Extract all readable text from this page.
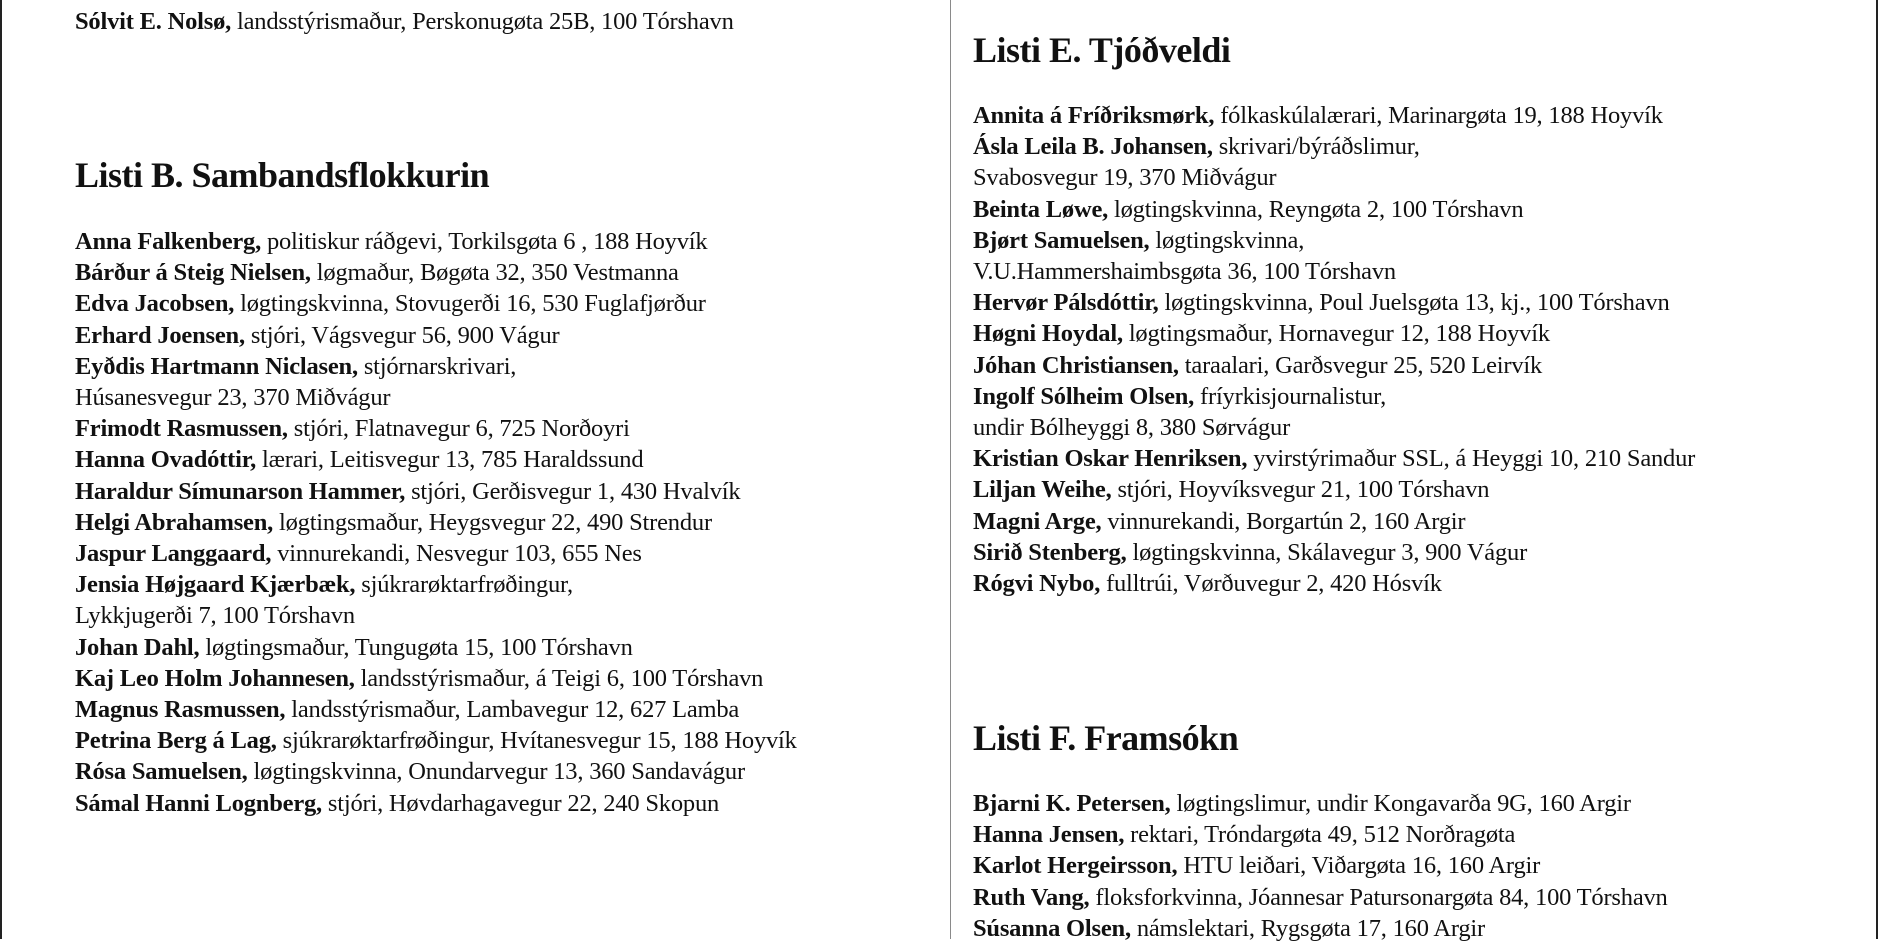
Sólvit E. Nolsø, landsstýrismaður, Perskonugøta 25B, 100 Tórshavn
Listi B. Sambandsflokkurin
Anna Falkenberg, politiskur ráðgevi, Torkilsgøta 6 , 188 Hoyvík
Bárður á Steig Nielsen, løgmaður, Bøgøta 32, 350 Vestmanna
Edva Jacobsen, løgtingskvinna, Stovugerði 16, 530 Fuglafjørður
Erhard Joensen, stjóri, Vágsvegur 56, 900 Vágur
Eyðdis Hartmann Niclasen, stjórnarskrivari,
Húsanesvegur 23, 370 Miðvágur
Frimodt Rasmussen, stjóri, Flatnavegur 6, 725 Norðoyri
Hanna Ovadóttir, lærari, Leitisvegur 13, 785 Haraldssund
Haraldur Símunarson Hammer, stjóri, Gerðisvegur 1, 430 Hvalvík
Helgi Abrahamsen, løgtingsmaður, Heygsvegur 22, 490 Strendur
Jaspur Langgaard, vinnurekandi, Nesvegur 103, 655 Nes
Jensia Højgaard Kjærbæk, sjúkrarøktarfrøðingur,
Lykkjugerði 7, 100 Tórshavn
Johan Dahl, løgtingsmaður, Tungugøta 15, 100 Tórshavn
Kaj Leo Holm Johannesen, landsstýrismaður, á Teigi 6, 100 Tórshavn
Magnus Rasmussen, landsstýrismaður, Lambavegur 12, 627 Lamba
Petrina Berg á Lag, sjúkrarøktarfrøðingur, Hvítanesvegur 15, 188 Hoyvík
Rósa Samuelsen, løgtingskvinna, Onundarvegur 13, 360 Sandavágur
Sámal Hanni Lognberg, stjóri, Høvdarhagavegur 22, 240 Skopun
Listi E. Tjóðveldi
Annita á Fríðriksmørk, fólkaskúlalærari, Marinargøta 19, 188 Hoyvík
Ásla Leila B. Johansen, skrivari/býráðslimur,
Svabosvegur 19, 370 Miðvágur
Beinta Løwe, løgtingskvinna, Reyngøta 2, 100 Tórshavn
Bjørt Samuelsen, løgtingskvinna,
V.U.Hammershaimbsgøta 36, 100 Tórshavn
Hervør Pálsdóttir, løgtingskvinna, Poul Juelsgøta 13, kj., 100 Tórshavn
Høgni Hoydal, løgtingsmaður, Hornavegur 12, 188 Hoyvík
Jóhan Christiansen, taraalari, Garðsvegur 25, 520 Leirvík
Ingolf Sólheim Olsen, fríyrkisjournalistur,
undir Bólheyggi 8, 380 Sørvágur
Kristian Oskar Henriksen, yvirstýrimaður SSL, á Heyggi 10, 210 Sandur
Liljan Weihe, stjóri, Hoyvíksvegur 21, 100 Tórshavn
Magni Arge, vinnurekandi, Borgartún 2, 160 Argir
Sirið Stenberg, løgtingskvinna, Skálavegur 3, 900 Vágur
Rógvi Nybo, fulltrúi, Vørðuvegur 2, 420 Hósvík
Listi F. Framsókn
Bjarni K. Petersen, løgtingslimur, undir Kongavarða 9G, 160 Argir
Hanna Jensen, rektari, Tróndargøta 49, 512 Norðragøta
Karlot Hergeirsson, HTU leiðari, Viðargøta 16, 160 Argir
Ruth Vang, floksforkvinna, Jóannesar Patursonargøta 84, 100 Tórshavn
Súsanna Olsen, námslektari, Rygsgøta 17, 160 Argir
